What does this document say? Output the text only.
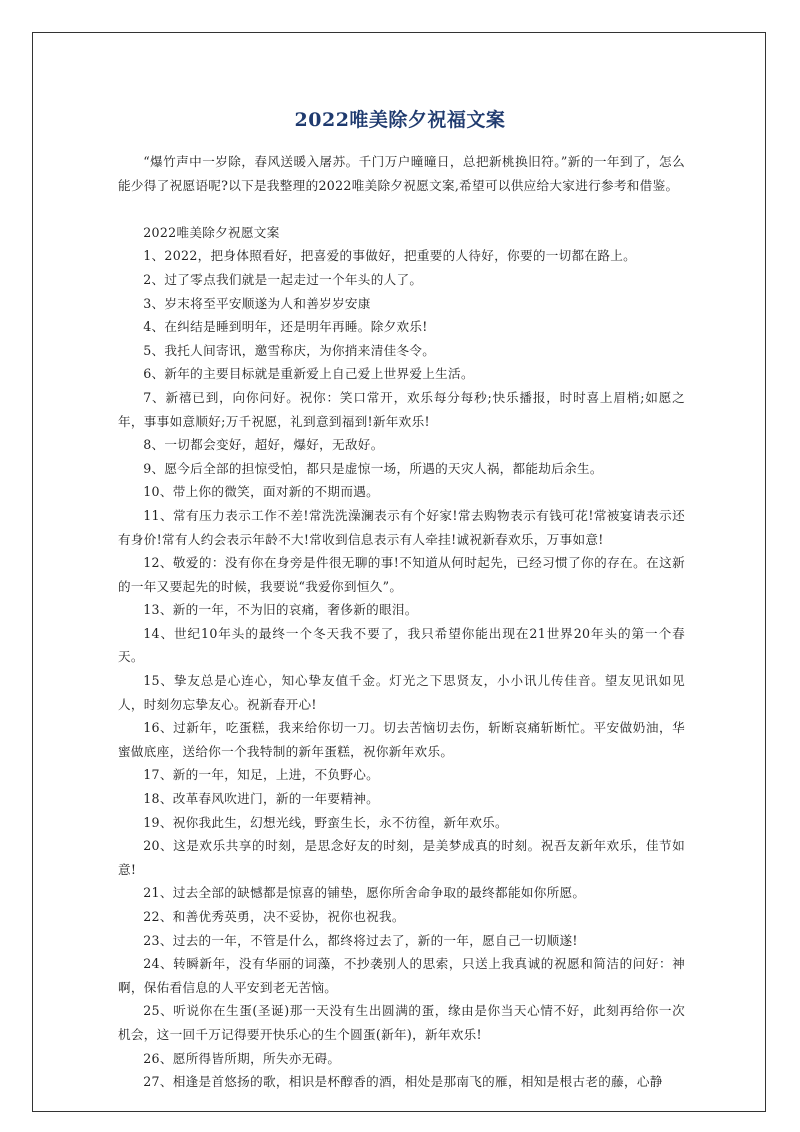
2022唯美除夕祝福文案

“爆竹声中一岁除，春风送暖入屠苏。千门万户曈曈日，总把新桃换旧符。”新的一年到了，怎么能少得了祝愿语呢?以下是我整理的2022唯美除夕祝愿文案,希望可以供应给大家进行参考和借鉴。

2022唯美除夕祝愿文案

1、2022，把身体照看好，把喜爱的事做好，把重要的人待好，你要的一切都在路上。

2、过了零点我们就是一起走过一个年头的人了。

3、岁末将至平安顺遂为人和善岁岁安康

4、在纠结是睡到明年，还是明年再睡。除夕欢乐!

5、我托人间寄讯，邀雪称庆，为你捎来清佳冬令。

6、新年的主要目标就是重新爱上自己爱上世界爱上生活。

7、新禧已到，向你问好。祝你：笑口常开，欢乐每分每秒;快乐播报，时时喜上眉梢;如愿之年，事事如意顺好;万千祝愿，礼到意到福到!新年欢乐!

8、一切都会变好，超好，爆好，无敌好。

9、愿今后全部的担惊受怕，都只是虚惊一场，所遇的天灾人祸，都能劫后余生。

10、带上你的微笑，面对新的不期而遇。

11、常有压力表示工作不差!常洗洗澡澜表示有个好家!常去购物表示有钱可花!常被宴请表示还有身价!常有人约会表示年龄不大!常收到信息表示有人牵挂!诚祝新春欢乐，万事如意!

12、敬爱的：没有你在身旁是件很无聊的事!不知道从何时起先，已经习惯了你的存在。在这新的一年又要起先的时候，我要说“我爱你到恒久”。

13、新的一年，不为旧的哀痛，奢侈新的眼泪。

14、世纪10年头的最终一个冬天我不要了，我只希望你能出现在21世界20年头的第一个春天。

15、挚友总是心连心，知心挚友值千金。灯光之下思贤友，小小讯儿传佳音。望友见讯如见人，时刻勿忘挚友心。祝新春开心!

16、过新年，吃蛋糕，我来给你切一刀。切去苦恼切去伤，斩断哀痛斩断忙。平安做奶油，华蜜做底座，送给你一个我特制的新年蛋糕，祝你新年欢乐。

17、新的一年，知足，上进，不负野心。

18、改革春风吹进门，新的一年要精神。

19、祝你我此生，幻想光线，野蛮生长，永不彷徨，新年欢乐。

20、这是欢乐共享的时刻，是思念好友的时刻，是美梦成真的时刻。祝吾友新年欢乐，佳节如意!

21、过去全部的缺憾都是惊喜的铺垫，愿你所舍命争取的最终都能如你所愿。

22、和善优秀英勇，决不妥协，祝你也祝我。

23、过去的一年，不管是什么，都终将过去了，新的一年，愿自己一切顺遂!

24、转瞬新年，没有华丽的词藻，不抄袭别人的思索，只送上我真诚的祝愿和简洁的问好：神啊，保佑看信息的人平安到老无苦恼。

25、听说你在生蛋(圣诞)那一天没有生出圆满的蛋，缘由是你当天心情不好，此刻再给你一次机会，这一回千万记得要开快乐心的生个圆蛋(新年)，新年欢乐!

26、愿所得皆所期，所失亦无碍。

27、相逢是首悠扬的歌，相识是杯醇香的酒，相处是那南飞的雁，相知是根古老的藤，心静
